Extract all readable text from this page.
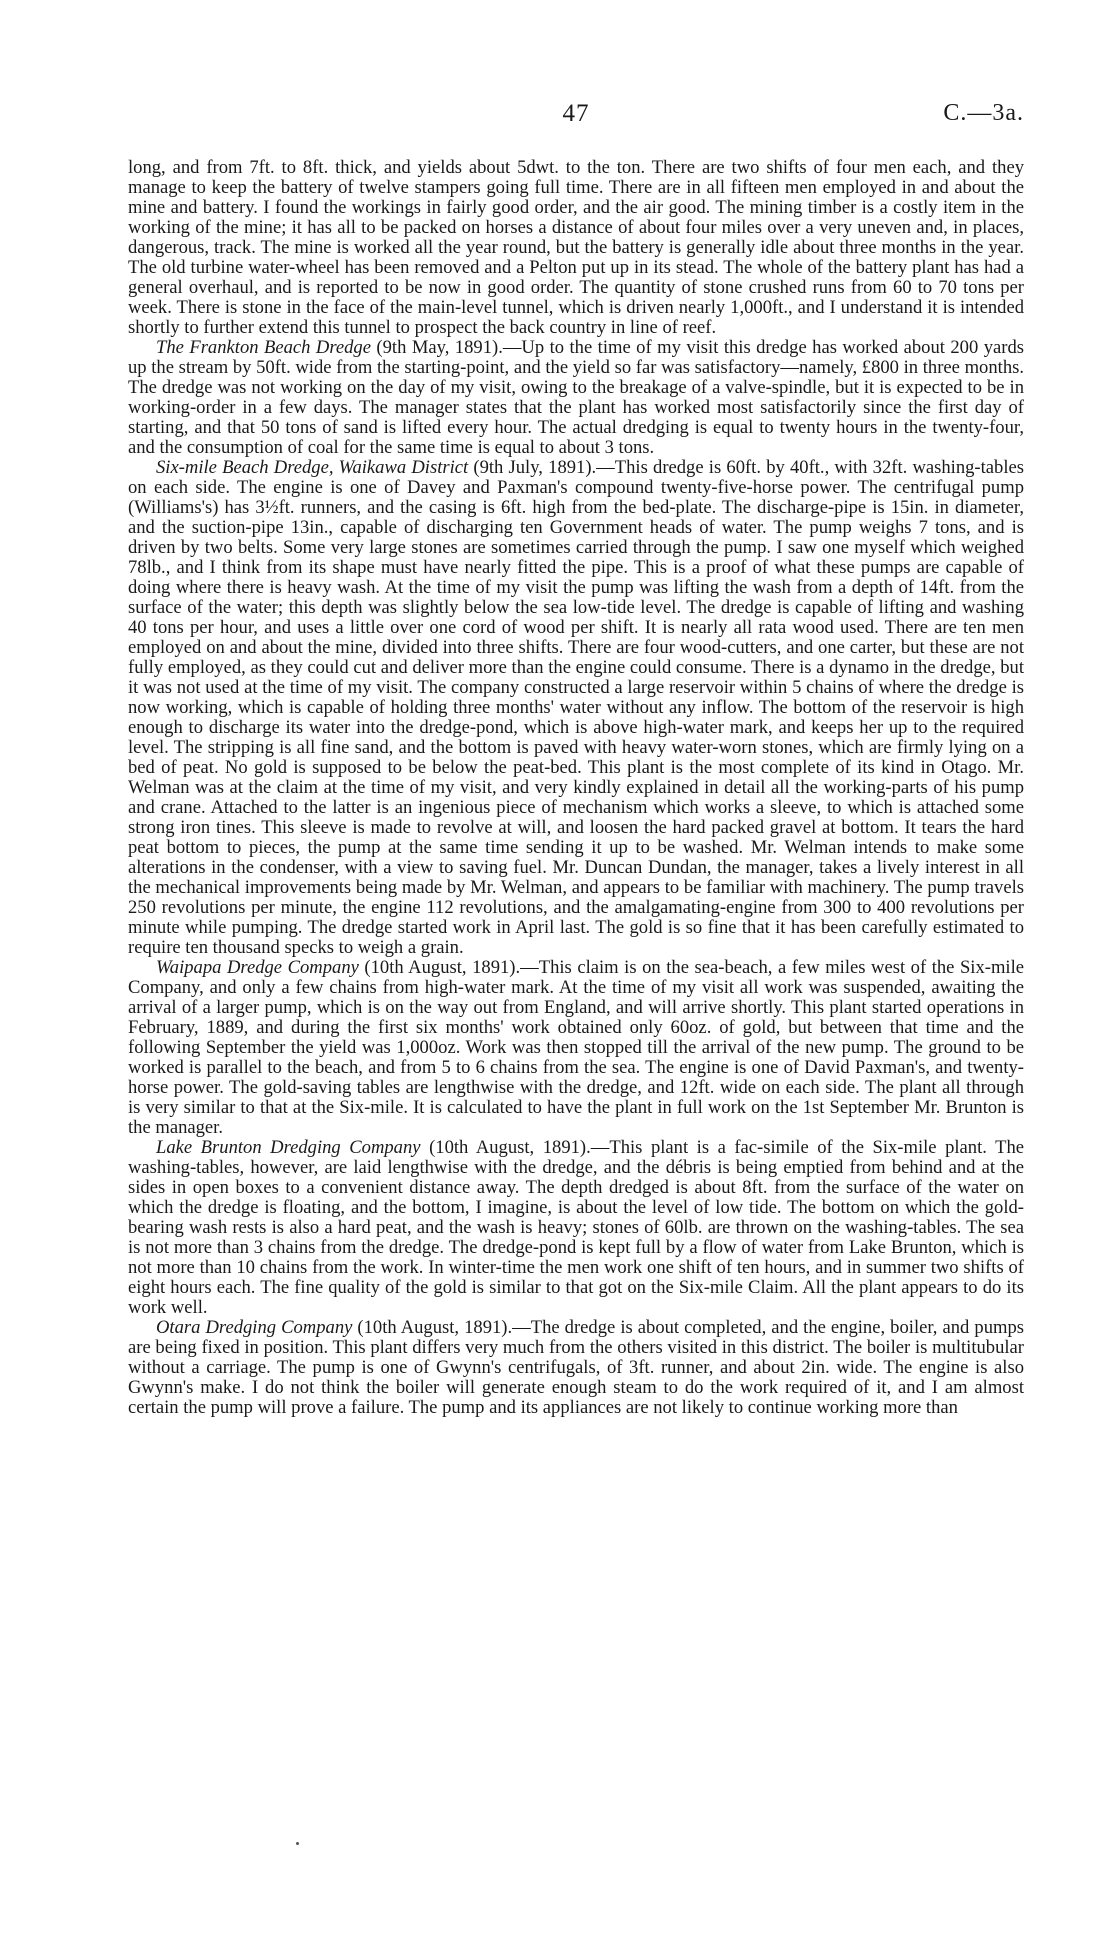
47	C.—3a.

long, and from 7ft. to 8ft. thick, and yields about 5dwt. to the ton. There are two shifts of four men each, and they manage to keep the battery of twelve stampers going full time. There are in all fifteen men employed in and about the mine and battery. I found the workings in fairly good order, and the air good. The mining timber is a costly item in the working of the mine; it has all to be packed on horses a distance of about four miles over a very uneven and, in places, dangerous, track. The mine is worked all the year round, but the battery is generally idle about three months in the year. The old turbine water-wheel has been removed and a Pelton put up in its stead. The whole of the battery plant has had a general overhaul, and is reported to be now in good order. The quantity of stone crushed runs from 60 to 70 tons per week. There is stone in the face of the main-level tunnel, which is driven nearly 1,000ft., and I understand it is intended shortly to further extend this tunnel to prospect the back country in line of reef.

The Frankton Beach Dredge (9th May, 1891).—Up to the time of my visit this dredge has worked about 200 yards up the stream by 50ft. wide from the starting-point, and the yield so far was satisfactory—namely, £800 in three months. The dredge was not working on the day of my visit, owing to the breakage of a valve-spindle, but it is expected to be in working-order in a few days. The manager states that the plant has worked most satisfactorily since the first day of starting, and that 50 tons of sand is lifted every hour. The actual dredging is equal to twenty hours in the twenty-four, and the consumption of coal for the same time is equal to about 3 tons.

Six-mile Beach Dredge, Waikawa District (9th July, 1891).—This dredge is 60ft. by 40ft., with 32ft. washing-tables on each side. The engine is one of Davey and Paxman's compound twenty-five-horse power. The centrifugal pump (Williams's) has 3½ft. runners, and the casing is 6ft. high from the bed-plate. The discharge-pipe is 15in. in diameter, and the suction-pipe 13in., capable of discharging ten Government heads of water. The pump weighs 7 tons, and is driven by two belts. Some very large stones are sometimes carried through the pump. I saw one myself which weighed 78lb., and I think from its shape must have nearly fitted the pipe. This is a proof of what these pumps are capable of doing where there is heavy wash. At the time of my visit the pump was lifting the wash from a depth of 14ft. from the surface of the water; this depth was slightly below the sea low-tide level. The dredge is capable of lifting and washing 40 tons per hour, and uses a little over one cord of wood per shift. It is nearly all rata wood used. There are ten men employed on and about the mine, divided into three shifts. There are four wood-cutters, and one carter, but these are not fully employed, as they could cut and deliver more than the engine could consume. There is a dynamo in the dredge, but it was not used at the time of my visit. The company constructed a large reservoir within 5 chains of where the dredge is now working, which is capable of holding three months' water without any inflow. The bottom of the reservoir is high enough to discharge its water into the dredge-pond, which is above high-water mark, and keeps her up to the required level. The stripping is all fine sand, and the bottom is paved with heavy water-worn stones, which are firmly lying on a bed of peat. No gold is supposed to be below the peat-bed. This plant is the most complete of its kind in Otago. Mr. Welman was at the claim at the time of my visit, and very kindly explained in detail all the working-parts of his pump and crane. Attached to the latter is an ingenious piece of mechanism which works a sleeve, to which is attached some strong iron tines. This sleeve is made to revolve at will, and loosen the hard packed gravel at bottom. It tears the hard peat bottom to pieces, the pump at the same time sending it up to be washed. Mr. Welman intends to make some alterations in the condenser, with a view to saving fuel. Mr. Duncan Dundan, the manager, takes a lively interest in all the mechanical improvements being made by Mr. Welman, and appears to be familiar with machinery. The pump travels 250 revolutions per minute, the engine 112 revolutions, and the amalgamating-engine from 300 to 400 revolutions per minute while pumping. The dredge started work in April last. The gold is so fine that it has been carefully estimated to require ten thousand specks to weigh a grain.

Waipapa Dredge Company (10th August, 1891).—This claim is on the sea-beach, a few miles west of the Six-mile Company, and only a few chains from high-water mark. At the time of my visit all work was suspended, awaiting the arrival of a larger pump, which is on the way out from England, and will arrive shortly. This plant started operations in February, 1889, and during the first six months' work obtained only 60oz. of gold, but between that time and the following September the yield was 1,000oz. Work was then stopped till the arrival of the new pump. The ground to be worked is parallel to the beach, and from 5 to 6 chains from the sea. The engine is one of David Paxman's, and twenty-horse power. The gold-saving tables are lengthwise with the dredge, and 12ft. wide on each side. The plant all through is very similar to that at the Six-mile. It is calculated to have the plant in full work on the 1st September Mr. Brunton is the manager.

Lake Brunton Dredging Company (10th August, 1891).—This plant is a fac-simile of the Six-mile plant. The washing-tables, however, are laid lengthwise with the dredge, and the débris is being emptied from behind and at the sides in open boxes to a convenient distance away. The depth dredged is about 8ft. from the surface of the water on which the dredge is floating, and the bottom, I imagine, is about the level of low tide. The bottom on which the gold-bearing wash rests is also a hard peat, and the wash is heavy; stones of 60lb. are thrown on the washing-tables. The sea is not more than 3 chains from the dredge. The dredge-pond is kept full by a flow of water from Lake Brunton, which is not more than 10 chains from the work. In winter-time the men work one shift of ten hours, and in summer two shifts of eight hours each. The fine quality of the gold is similar to that got on the Six-mile Claim. All the plant appears to do its work well.

Otara Dredging Company (10th August, 1891).—The dredge is about completed, and the engine, boiler, and pumps are being fixed in position. This plant differs very much from the others visited in this district. The boiler is multitubular without a carriage. The pump is one of Gwynn's centrifugals, of 3ft. runner, and about 2in. wide. The engine is also Gwynn's make. I do not think the boiler will generate enough steam to do the work required of it, and I am almost certain the pump will prove a failure. The pump and its appliances are not likely to continue working more than
